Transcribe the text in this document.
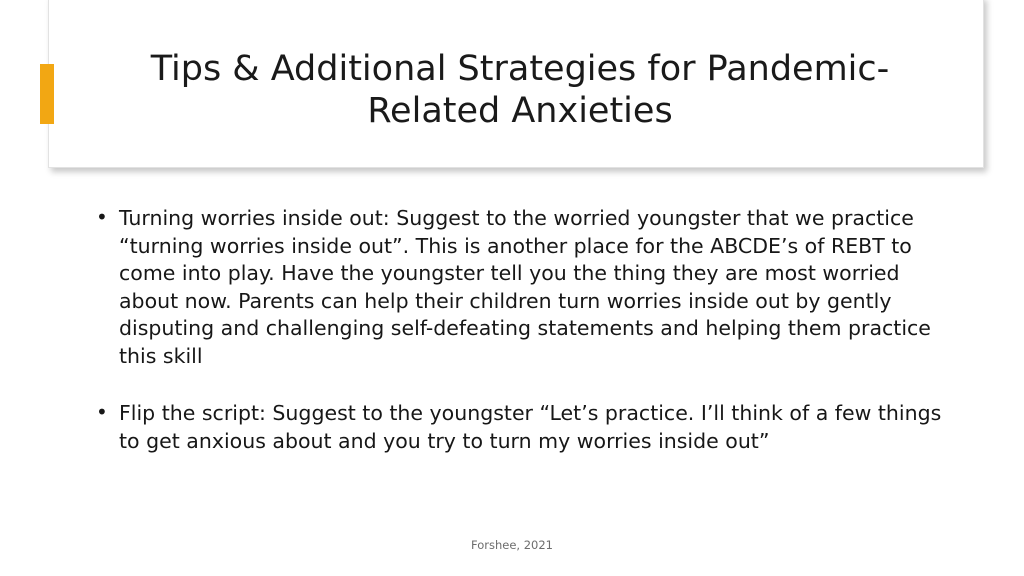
Tips & Additional Strategies for Pandemic-Related Anxieties
• Turning worries inside out: Suggest to the worried youngster that we practice “turning worries inside out”. This is another place for the ABCDE’s of REBT to come into play. Have the youngster tell you the thing they are most worried about now. Parents can help their children turn worries inside out by gently disputing and challenging self-defeating statements and helping them practice this skill
• Flip the script: Suggest to the youngster “Let’s practice. I’ll think of a few things to get anxious about and you try to turn my worries inside out”
Forshee, 2021
